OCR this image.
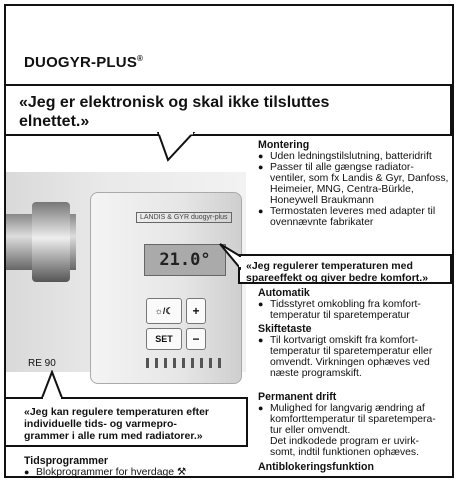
DUOGYR-PLUS®
«Jeg er elektronisk og skal ikke tilsluttes
elnettet.»
LANDIS & GYR duogyr-plus
21.0°
☼/☾	+
SET	−
RE 90
«Jeg regulerer temperaturen med
spareeffekt og giver bedre komfort.»
«Jeg kan regulere temperaturen efter
individuelle tids- og varmepro-
grammer i alle rum med radiatorer.»
Tidsprogrammer
● Blokprogrammer for hverdage ⚒
Montering
● Uden ledningstilslutning, batteridrift
● Passer til alle gængse radiator-
ventiler, som fx Landis & Gyr, Danfoss,
Heimeier, MNG, Centra-Bürkle,
Honeywell Braukmann
● Termostaten leveres med adapter til
ovennævnte fabrikater
Automatik
● Tidsstyret omkobling fra komfort-
temperatur til sparetemperatur
Skiftetaste
● Til kortvarigt omskift fra komfort-
temperatur til sparetemperatur eller
omvendt. Virkningen ophæves ved
næste programskift.
Permanent drift
● Mulighed for langvarig ændring af
komforttemperatur til sparetempera-
tur eller omvendt.
Det indkodede program er uvirk-
somt, indtil funktionen ophæves.
Antiblokeringsfunktion
